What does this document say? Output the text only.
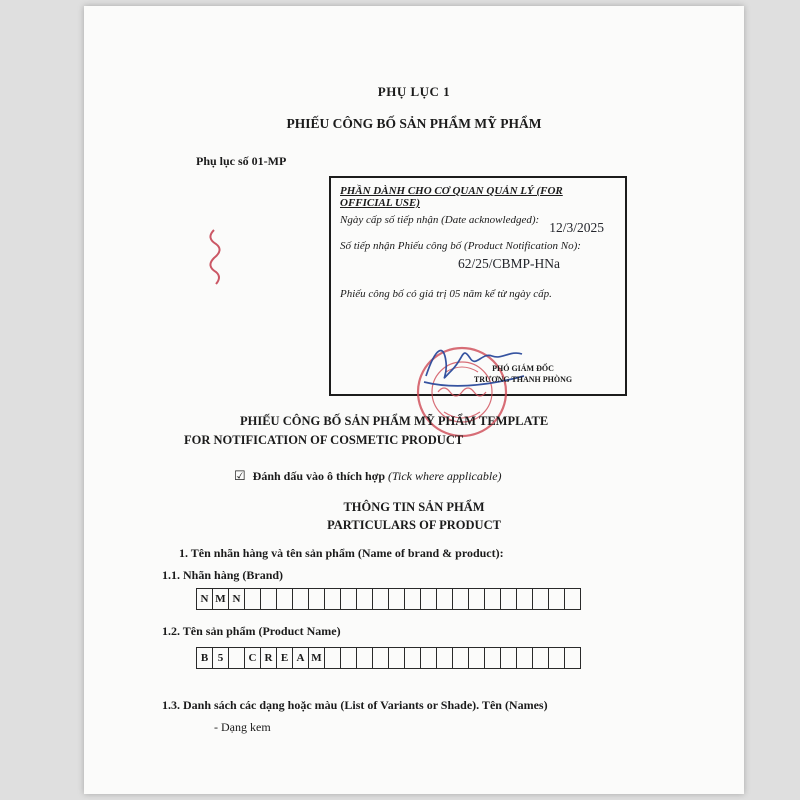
PHỤ LỤC 1
PHIẾU CÔNG BỐ SẢN PHẨM MỸ PHẨM
Phụ lục số 01-MP
PHẦN DÀNH CHO CƠ QUAN QUẢN LÝ (FOR OFFICIAL USE)
Ngày cấp số tiếp nhận (Date acknowledged): 12/3/2025
Số tiếp nhận Phiếu công bố (Product Notification No):
62/25/CBMP-HNa
Phiếu công bố có giá trị 05 năm kể từ ngày cấp.
PHÓ GIÁM ĐỐC
TRƯƠNG THANH PHÒNG
PHIẾU CÔNG BỐ SẢN PHẨM MỸ PHẨM TEMPLATE
FOR NOTIFICATION OF COSMETIC PRODUCT
☑ Đánh dấu vào ô thích hợp (Tick where applicable)
THÔNG TIN SẢN PHẨM
PARTICULARS OF PRODUCT
1. Tên nhãn hàng và tên sản phẩm (Name of brand & product):
1.1. Nhãn hàng (Brand)
N M N
1.2. Tên sản phẩm (Product Name)
B 5	C R E A M
1.3. Danh sách các dạng hoặc màu (List of Variants or Shade). Tên (Names)
- Dạng kem
